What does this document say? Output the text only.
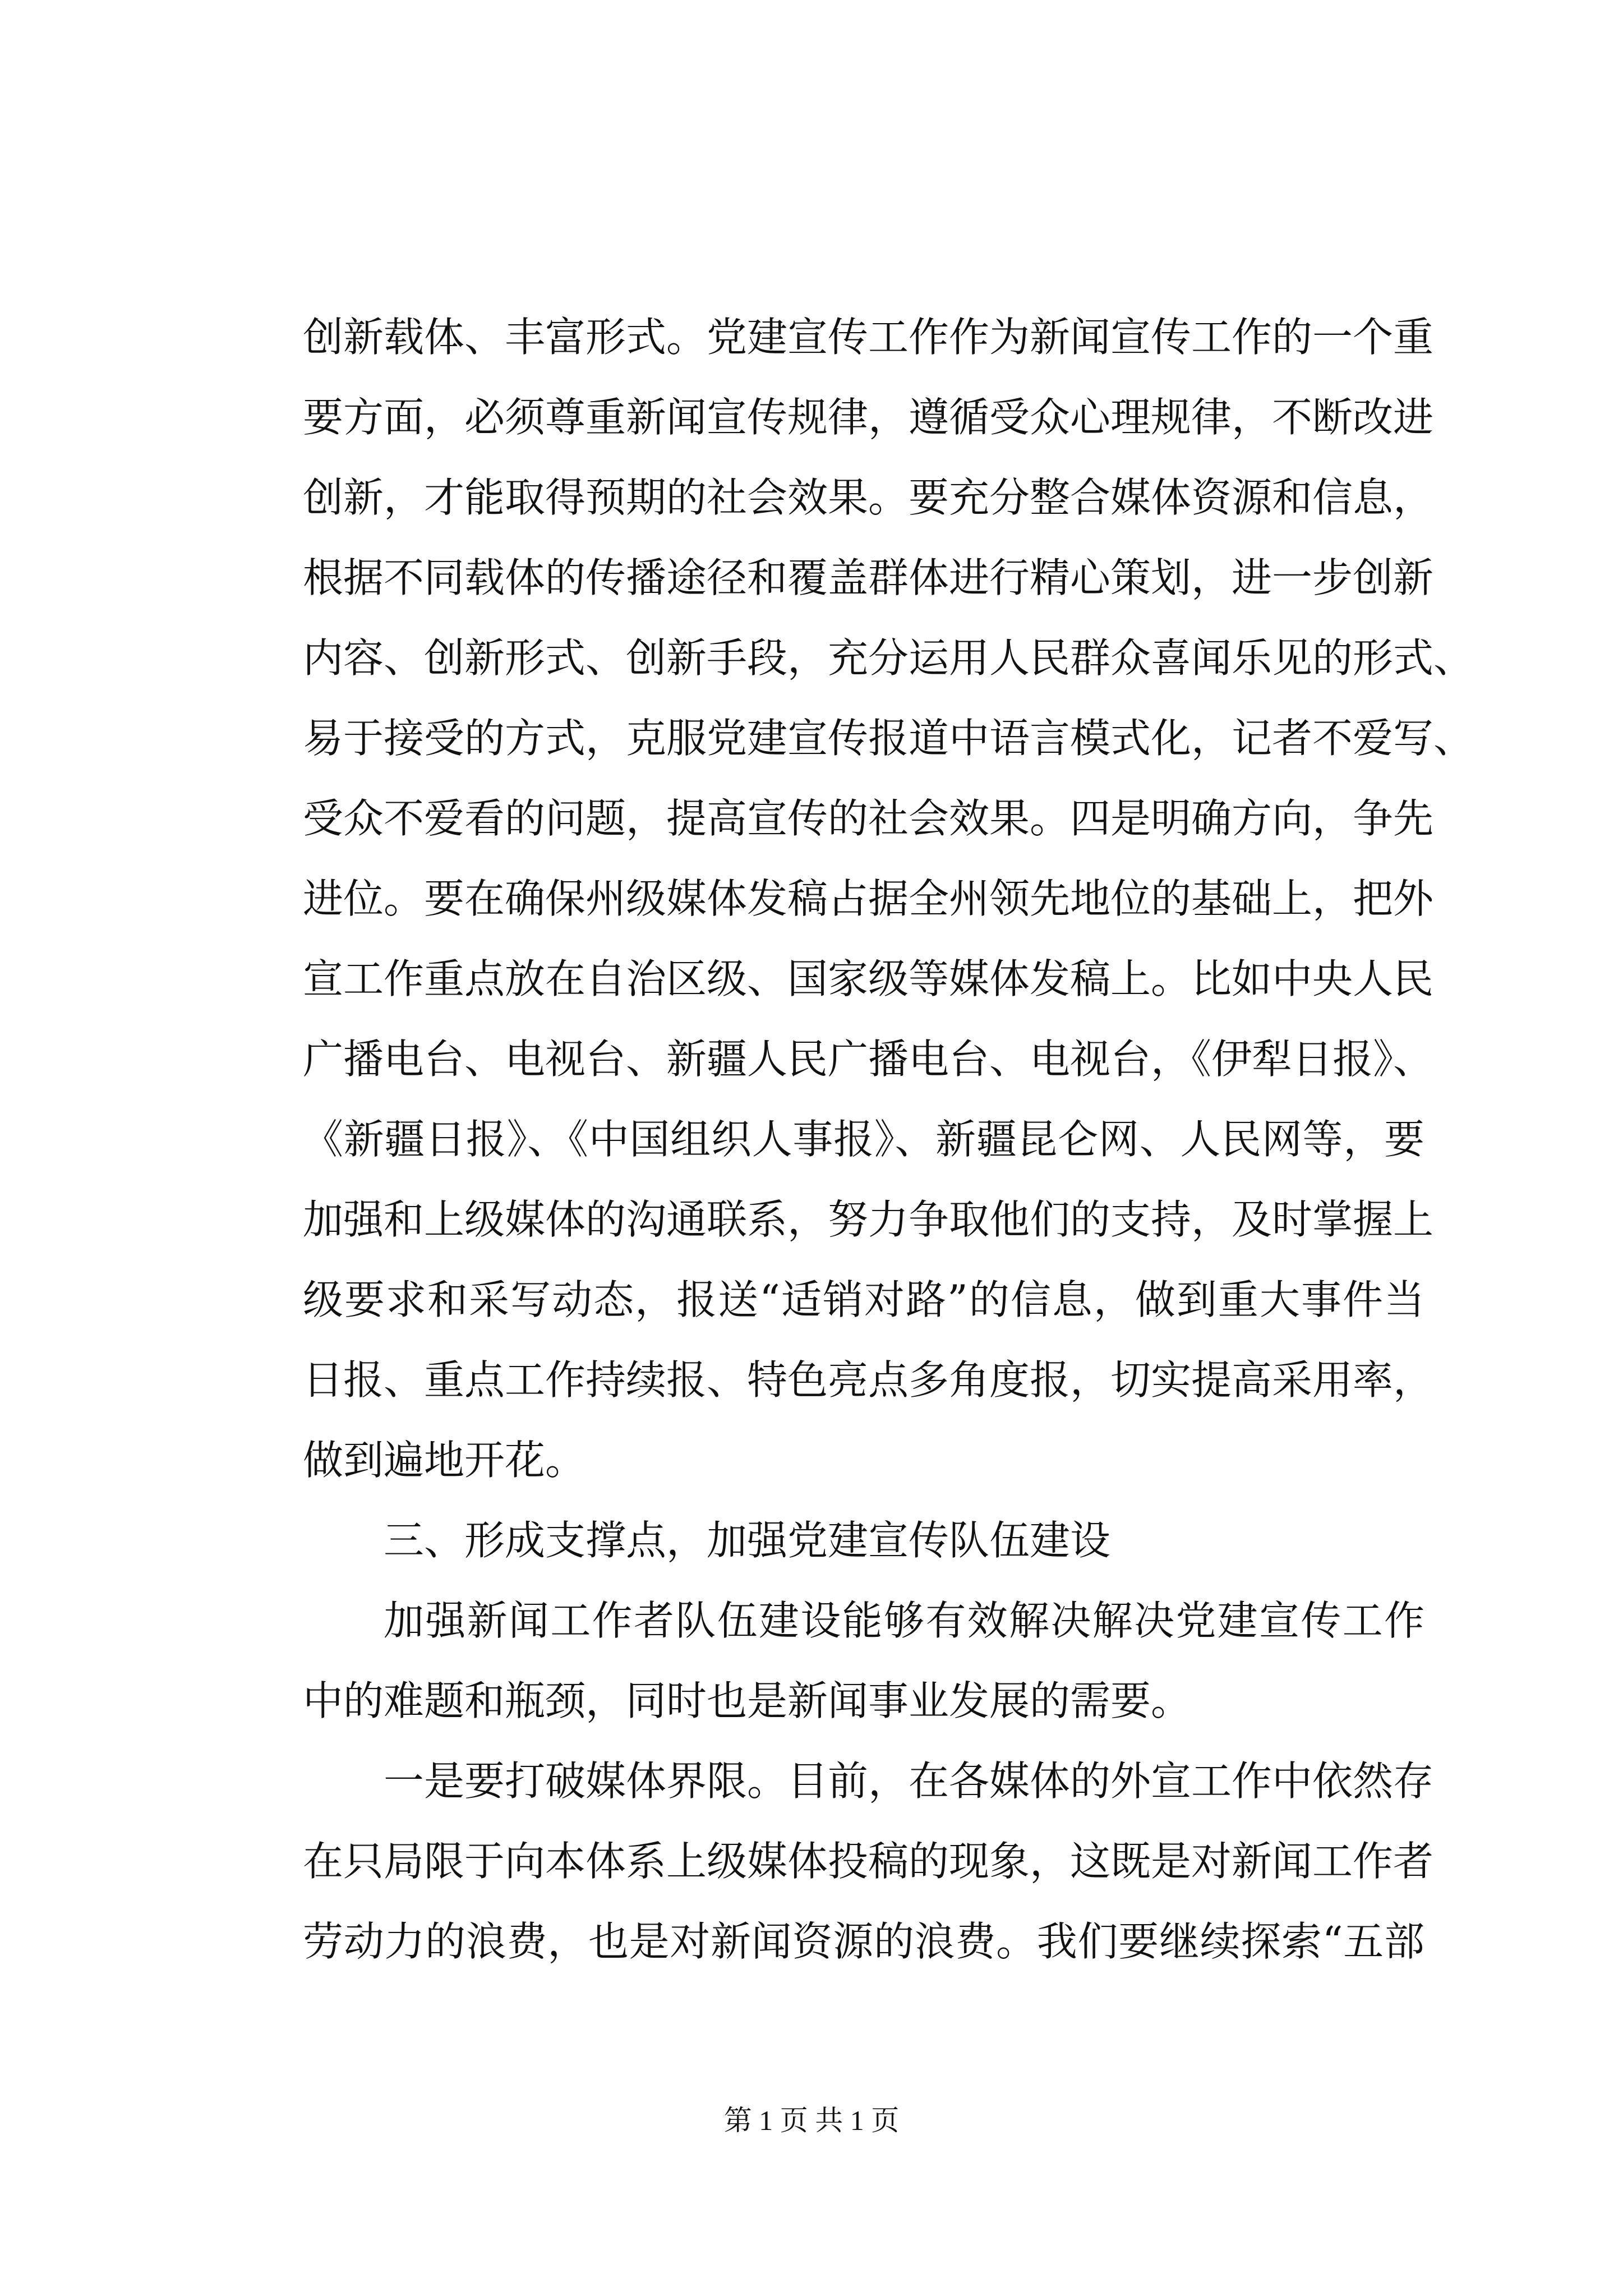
创新载体、丰富形式。党建宣传工作作为新闻宣传工作的一个重
要方面，必须尊重新闻宣传规律，遵循受众心理规律，不断改进
创新，才能取得预期的社会效果。要充分整合媒体资源和信息，
根据不同载体的传播途径和覆盖群体进行精心策划，进一步创新
内容、创新形式、创新手段，充分运用人民群众喜闻乐见的形式、
易于接受的方式，克服党建宣传报道中语言模式化，记者不爱写、
受众不爱看的问题，提高宣传的社会效果。四是明确方向，争先
进位。要在确保州级媒体发稿占据全州领先地位的基础上，把外
宣工作重点放在自治区级、国家级等媒体发稿上。比如中央人民
广播电台、电视台、新疆人民广播电台、电视台，《伊犁日报》、
《新疆日报》、《中国组织人事报》、新疆昆仑网、人民网等，要
加强和上级媒体的沟通联系，努力争取他们的支持，及时掌握上
级要求和采写动态，报送“适销对路”的信息，做到重大事件当
日报、重点工作持续报、特色亮点多角度报，切实提高采用率，
做到遍地开花。
三、形成支撑点，加强党建宣传队伍建设
加强新闻工作者队伍建设能够有效解决解决党建宣传工作
中的难题和瓶颈，同时也是新闻事业发展的需要。
一是要打破媒体界限。目前，在各媒体的外宣工作中依然存
在只局限于向本体系上级媒体投稿的现象，这既是对新闻工作者
劳动力的浪费，也是对新闻资源的浪费。我们要继续探索“五部
第 1 页 共 1 页
